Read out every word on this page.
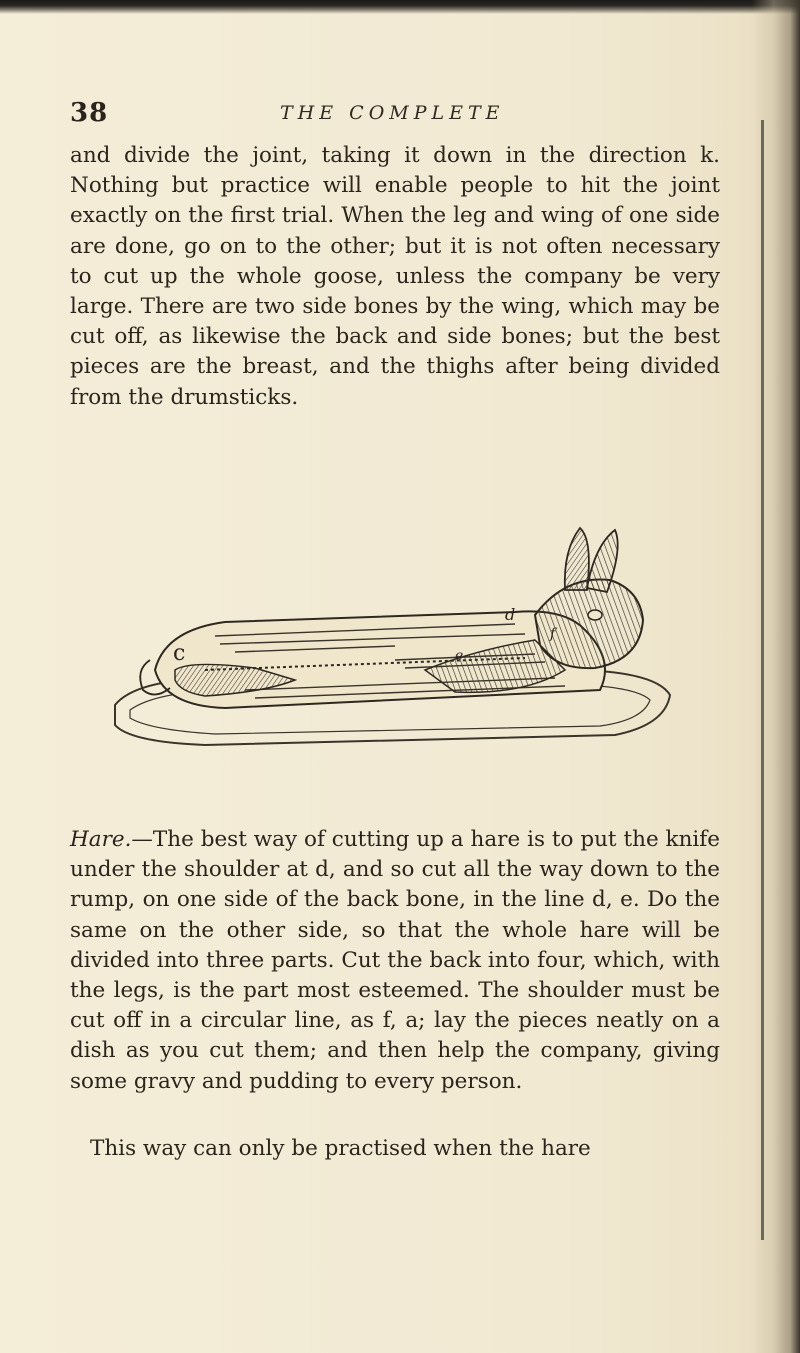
38	THE COMPLETE
and divide the joint, taking it down in the direction k. Nothing but practice will enable people to hit the joint exactly on the first trial. When the leg and wing of one side are done, go on to the other; but it is not often necessary to cut up the whole goose, unless the company be very large. There are two side bones by the wing, which may be cut off, as likewise the back and side bones; but the best pieces are the breast, and the thighs after being divided from the drumsticks.
c
d
e
f
Hare.—The best way of cutting up a hare is to put the knife under the shoulder at d, and so cut all the way down to the rump, on one side of the back bone, in the line d, e. Do the same on the other side, so that the whole hare will be divided into three parts. Cut the back into four, which, with the legs, is the part most esteemed. The shoulder must be cut off in a circular line, as f, a; lay the pieces neatly on a dish as you cut them; and then help the company, giving some gravy and pudding to every person.
This way can only be practised when the hare
